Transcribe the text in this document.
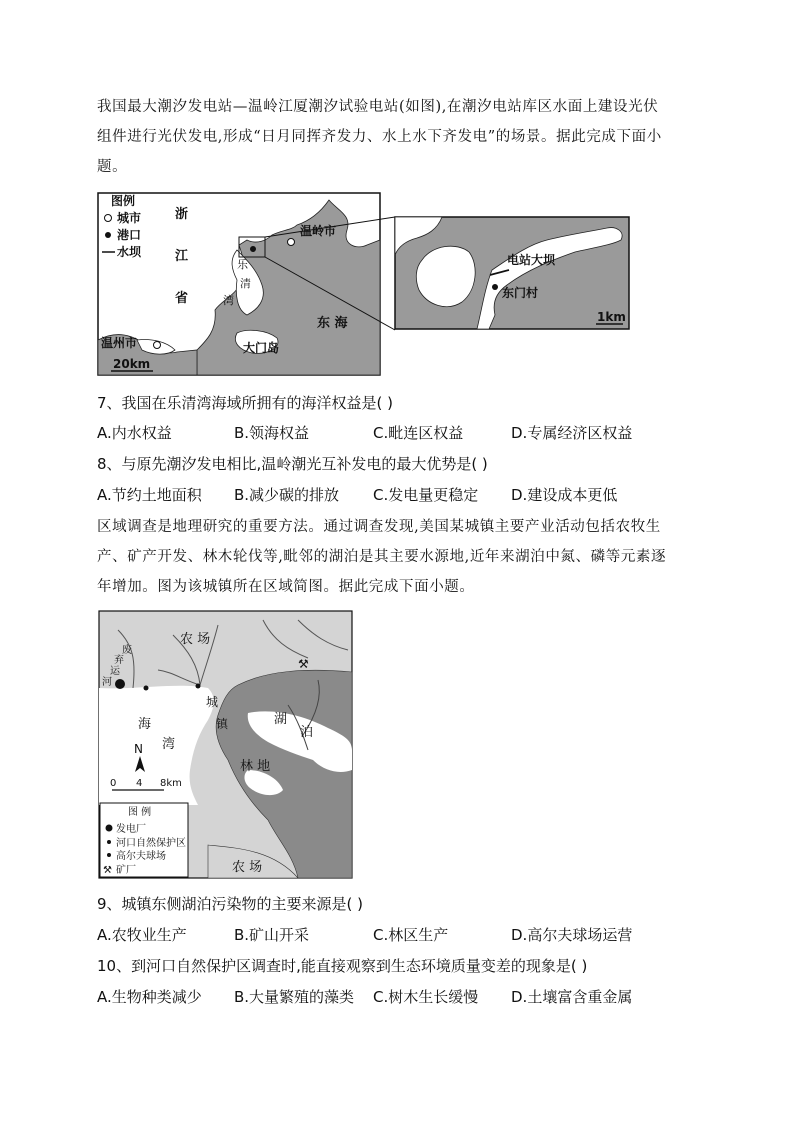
我国最大潮汐发电站—温岭江厦潮汐试验电站(如图),在潮汐电站库区水面上建设光伏
组件进行光伏发电,形成“日月同挥齐发力、水上水下齐发电”的场景。据此完成下面小
题。
图例
城市
港口
水坝
浙
江
省
乐
清
湾
温岭市
温州市
东 海
大门岛
20km
电站大坝
东门村
1km
7、我国在乐清湾海域所拥有的海洋权益是( )
A.内水权益	B.领海权益	C.毗连区权益	D.专属经济区权益
8、与原先潮汐发电相比,温岭潮光互补发电的最大优势是( )
A.节约土地面积 B.减少碳的排放 C.发电量更稳定 D.建设成本更低
区域调查是地理研究的重要方法。通过调查发现,美国某城镇主要产业活动包括农牧生
产、矿产开发、林木轮伐等,毗邻的湖泊是其主要水源地,近年来湖泊中氮、磷等元素逐
年增加。图为该城镇所在区域简图。据此完成下面小题。
农 场
废
弃
运
河
⚒
城
镇
海
湾
湖
泊
林 地
农 场
N
0 4 8km
图 例
发电厂
河口自然保护区
高尔夫球场
⚒ 矿厂
9、城镇东侧湖泊污染物的主要来源是( )
A.农牧业生产	B.矿山开采	C.林区生产	D.高尔夫球场运营
10、到河口自然保护区调查时,能直接观察到生态环境质量变差的现象是( )
A.生物种类减少 B.大量繁殖的藻类 C.树木生长缓慢 D.土壤富含重金属
